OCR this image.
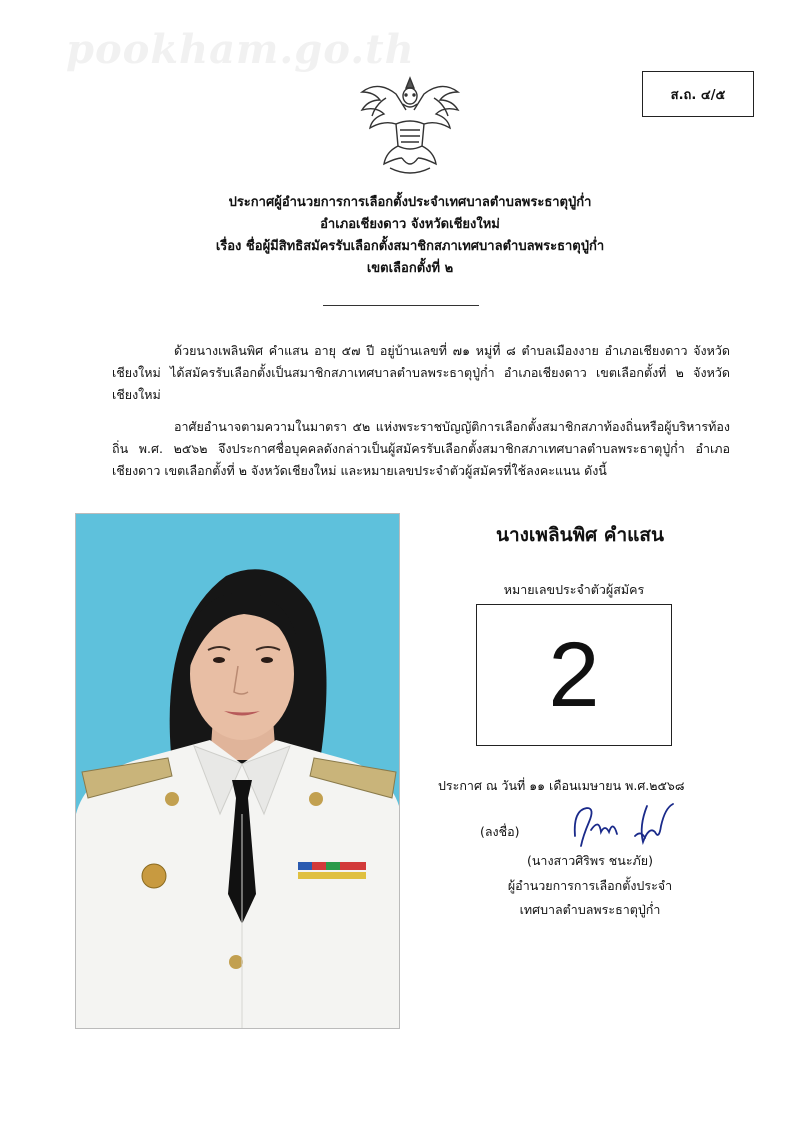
pookham.go.th
ส.ถ. ๔/๕
ประกาศผู้อำนวยการการเลือกตั้งประจำเทศบาลตำบลพระธาตุปู่ก่ำ
อำเภอเชียงดาว จังหวัดเชียงใหม่
เรื่อง ชื่อผู้มีสิทธิสมัครรับเลือกตั้งสมาชิกสภาเทศบาลตำบลพระธาตุปู่ก่ำ
เขตเลือกตั้งที่ ๒
ด้วยนางเพลินพิศ คำแสน อายุ ๕๗ ปี อยู่บ้านเลขที่ ๗๑ หมู่ที่ ๘ ตำบลเมืองงาย อำเภอเชียงดาว จังหวัดเชียงใหม่ ได้สมัครรับเลือกตั้งเป็นสมาชิกสภาเทศบาลตำบลพระธาตุปู่ก่ำ อำเภอเชียงดาว เขตเลือกตั้งที่ ๒ จังหวัดเชียงใหม่
อาศัยอำนาจตามความในมาตรา ๕๒ แห่งพระราชบัญญัติการเลือกตั้งสมาชิกสภาท้องถิ่นหรือผู้บริหารท้องถิ่น พ.ศ. ๒๕๖๒ จึงประกาศชื่อบุคคลดังกล่าวเป็นผู้สมัครรับเลือกตั้งสมาชิกสภาเทศบาลตำบลพระธาตุปู่ก่ำ อำเภอเชียงดาว เขตเลือกตั้งที่ ๒ จังหวัดเชียงใหม่ และหมายเลขประจำตัวผู้สมัครที่ใช้ลงคะแนน ดังนี้
นางเพลินพิศ คำแสน
หมายเลขประจำตัวผู้สมัคร
2
ประกาศ ณ วันที่ ๑๑ เดือนเมษายน พ.ศ.๒๕๖๘
(ลงชื่อ)
(นางสาวศิริพร ชนะภัย)
ผู้อำนวยการการเลือกตั้งประจำ
เทศบาลตำบลพระธาตุปู่ก่ำ
